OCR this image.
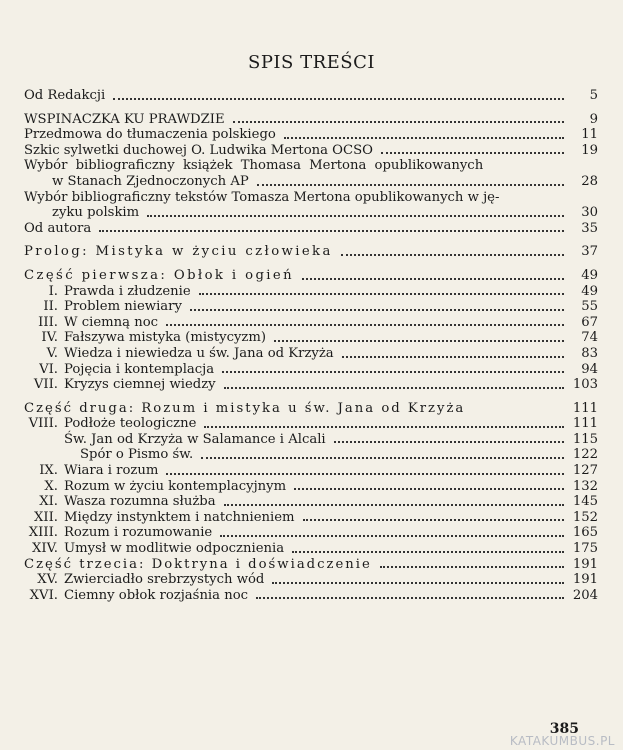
SPIS TREŚCI
Od Redakcji	5
WSPINACZKA KU PRAWDZIE	9
Przedmowa do tłumaczenia polskiego	11
Szkic sylwetki duchowej O. Ludwika Mertona OCSO	19
Wybór bibliograficzny książek Thomasa Mertona opublikowanych
w Stanach Zjednoczonych AP	28
Wybór bibliograficzny tekstów Tomasza Mertona opublikowanych w ję-
zyku polskim	30
Od autora	35
Prolog: Mistyka w życiu człowieka	37
Część pierwsza: Obłok i ogień	49
I. Prawda i złudzenie	49
II. Problem niewiary	55
III. W ciemną noc	67
IV. Fałszywa mistyka (mistycyzm)	74
V. Wiedza i niewiedza u św. Jana od Krzyża	83
VI. Pojęcia i kontemplacja	94
VII. Kryzys ciemnej wiedzy	103
Część druga: Rozum i mistyka u św. Jana od Krzyża	111
VIII. Podłoże teologiczne	111
Św. Jan od Krzyża w Salamance i Alcali	115
Spór o Pismo św.	122
IX. Wiara i rozum	127
X. Rozum w życiu kontemplacyjnym	132
XI. Wasza rozumna służba	145
XII. Między instynktem i natchnieniem	152
XIII. Rozum i rozumowanie	165
XIV. Umysł w modlitwie odpocznienia	175
Część trzecia: Doktryna i doświadczenie	191
XV. Zwierciadło srebrzystych wód	191
XVI. Ciemny obłok rozjaśnia noc	204
385
KATAKUMBUS.PL
